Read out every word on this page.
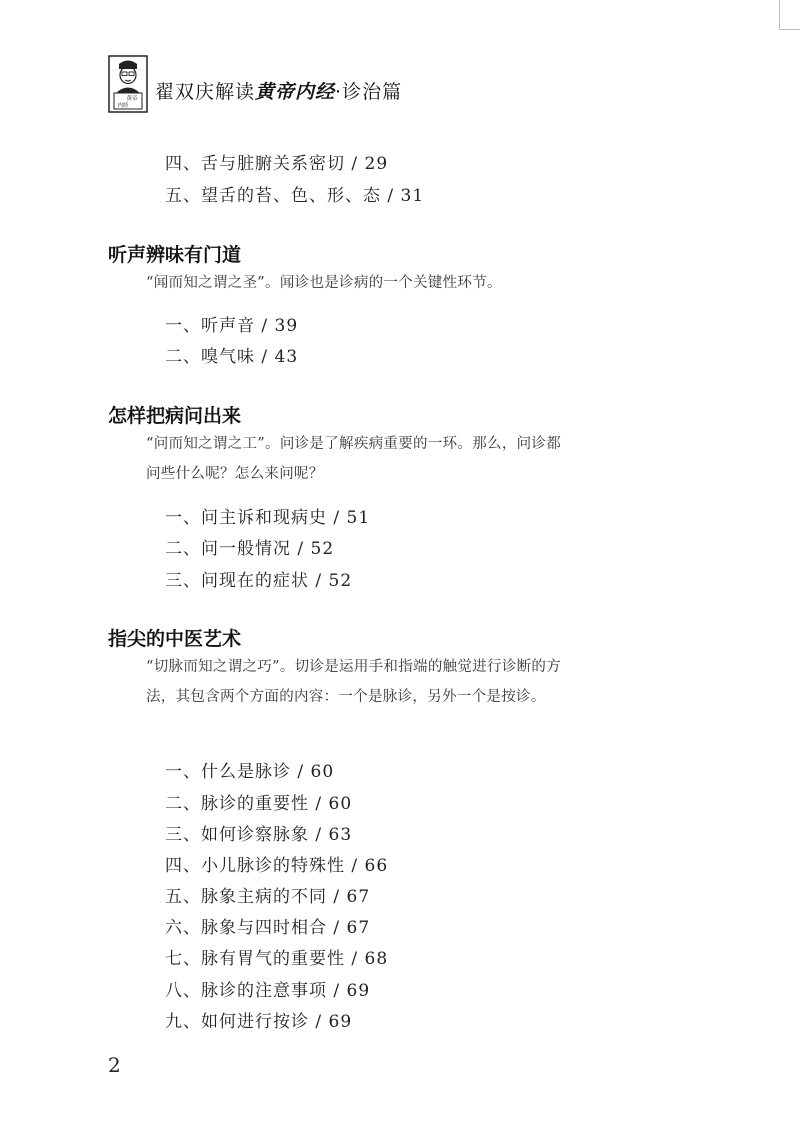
黄帝
内经
翟双庆解读黄帝内经·诊治篇
四、舌与脏腑关系密切 / 29
五、望舌的苔、色、形、态 / 31
听声辨味有门道
“闻而知之谓之圣”。闻诊也是诊病的一个关键性环节。
一、听声音 / 39
二、嗅气味 / 43
怎样把病问出来
“问而知之谓之工”。问诊是了解疾病重要的一环。那么，问诊都问些什么呢？怎么来问呢？
一、问主诉和现病史 / 51
二、问一般情况 / 52
三、问现在的症状 / 52
指尖的中医艺术
“切脉而知之谓之巧”。切诊是运用手和指端的触觉进行诊断的方法，其包含两个方面的内容：一个是脉诊，另外一个是按诊。
一、什么是脉诊 / 60
二、脉诊的重要性 / 60
三、如何诊察脉象 / 63
四、小儿脉诊的特殊性 / 66
五、脉象主病的不同 / 67
六、脉象与四时相合 / 67
七、脉有胃气的重要性 / 68
八、脉诊的注意事项 / 69
九、如何进行按诊 / 69
2
